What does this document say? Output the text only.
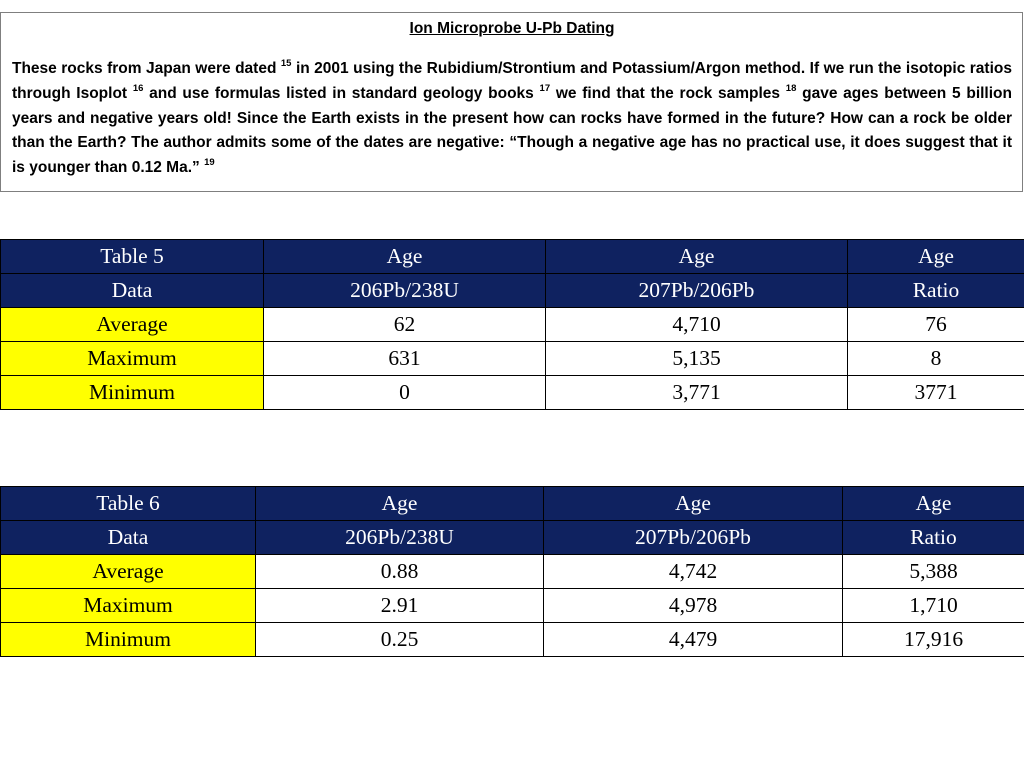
Ion Microprobe U-Pb Dating

These rocks from Japan were dated $^{15}$ in 2001 using the Rubidium/Strontium and Potassium/Argon method. If we run the isotopic ratios through Isoplot $^{16}$ and use formulas listed in standard geology books $^{17}$ we find that the rock samples $^{18}$ gave ages between 5 billion years and negative years old! Since the Earth exists in the present how can rocks have formed in the future? How can a rock be older than the Earth? The author admits some of the dates are negative: “Though a negative age has no practical use, it does suggest that it is younger than 0.12 Ma.” $^{19}$

Table 5	Age	Age	Age
Data	206Pb/238U	207Pb/206Pb	Ratio
Average	62	4,710	76
Maximum	631	5,135	8
Minimum	0	3,771	3771
Table 6	Age	Age	Age
Data	206Pb/238U	207Pb/206Pb	Ratio
Average	0.88	4,742	5,388
Maximum	2.91	4,978	1,710
Minimum	0.25	4,479	17,916
